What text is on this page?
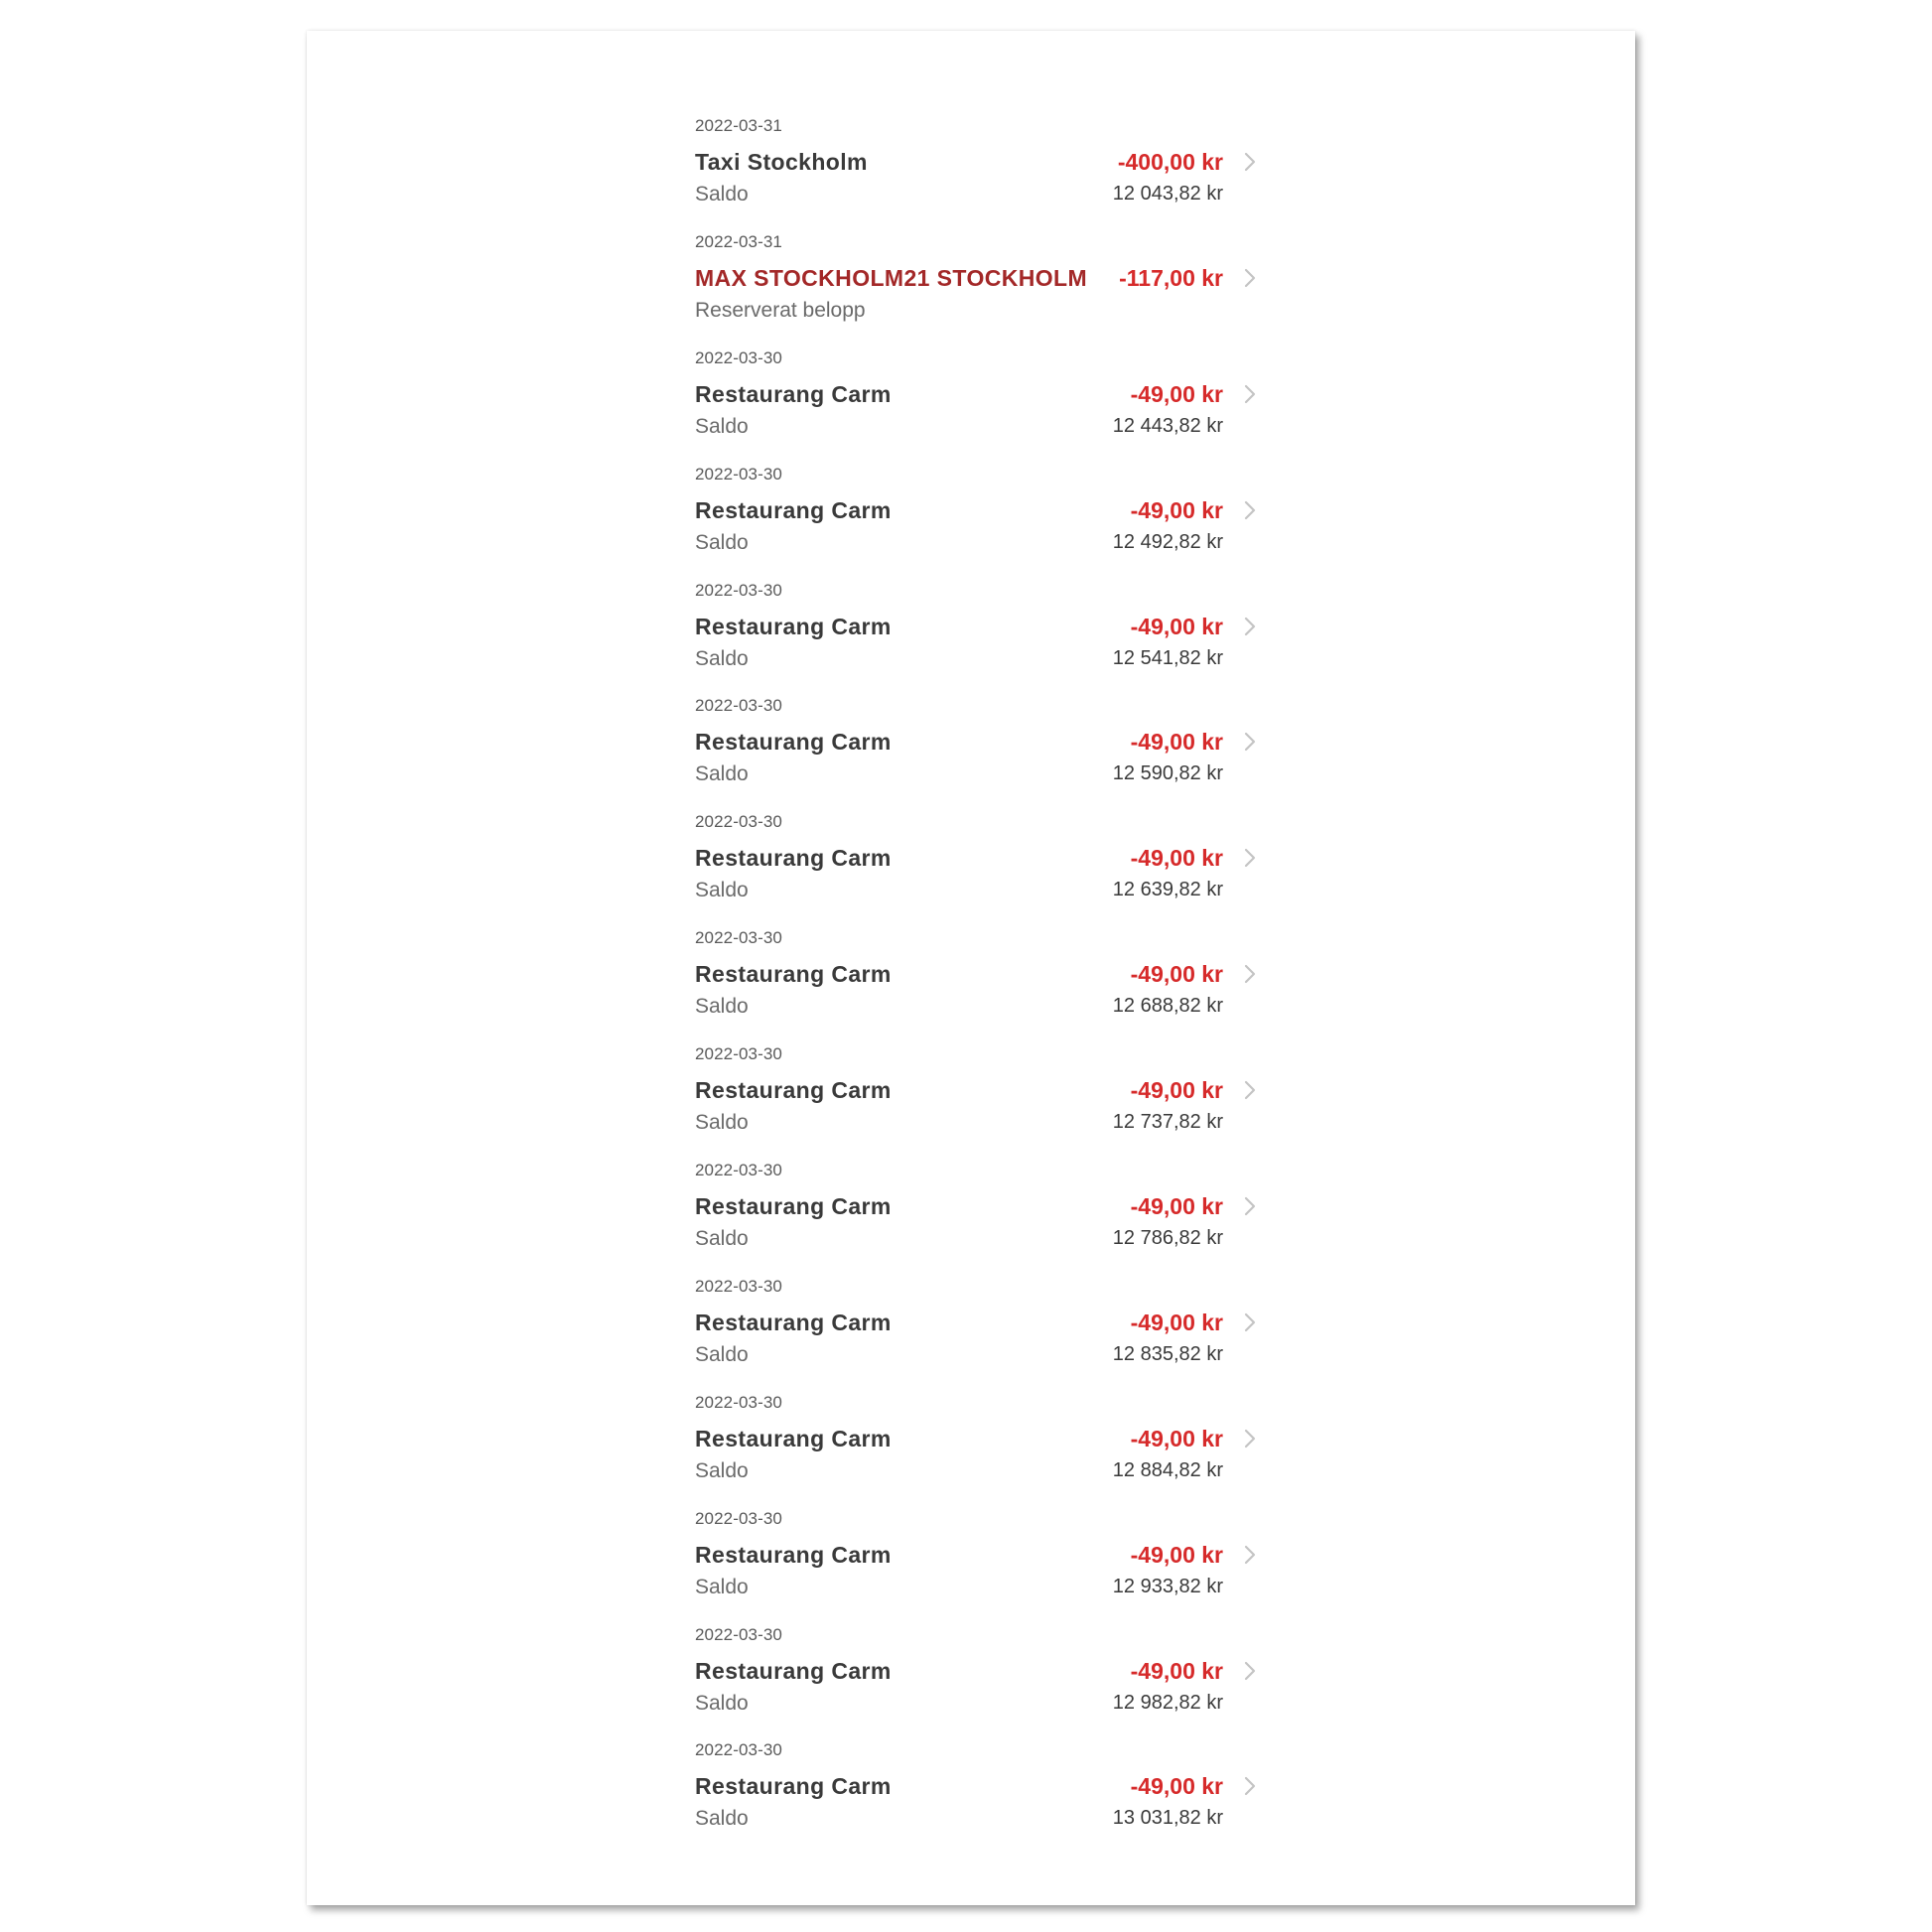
2022-03-31
Taxi Stockholm
Saldo
-400,00 kr
12 043,82 kr
2022-03-31
MAX STOCKHOLM21 STOCKHOLM
Reserverat belopp
-117,00 kr
2022-03-30
Restaurang Carm
Saldo
-49,00 kr
12 443,82 kr
2022-03-30
Restaurang Carm
Saldo
-49,00 kr
12 492,82 kr
2022-03-30
Restaurang Carm
Saldo
-49,00 kr
12 541,82 kr
2022-03-30
Restaurang Carm
Saldo
-49,00 kr
12 590,82 kr
2022-03-30
Restaurang Carm
Saldo
-49,00 kr
12 639,82 kr
2022-03-30
Restaurang Carm
Saldo
-49,00 kr
12 688,82 kr
2022-03-30
Restaurang Carm
Saldo
-49,00 kr
12 737,82 kr
2022-03-30
Restaurang Carm
Saldo
-49,00 kr
12 786,82 kr
2022-03-30
Restaurang Carm
Saldo
-49,00 kr
12 835,82 kr
2022-03-30
Restaurang Carm
Saldo
-49,00 kr
12 884,82 kr
2022-03-30
Restaurang Carm
Saldo
-49,00 kr
12 933,82 kr
2022-03-30
Restaurang Carm
Saldo
-49,00 kr
12 982,82 kr
2022-03-30
Restaurang Carm
Saldo
-49,00 kr
13 031,82 kr
